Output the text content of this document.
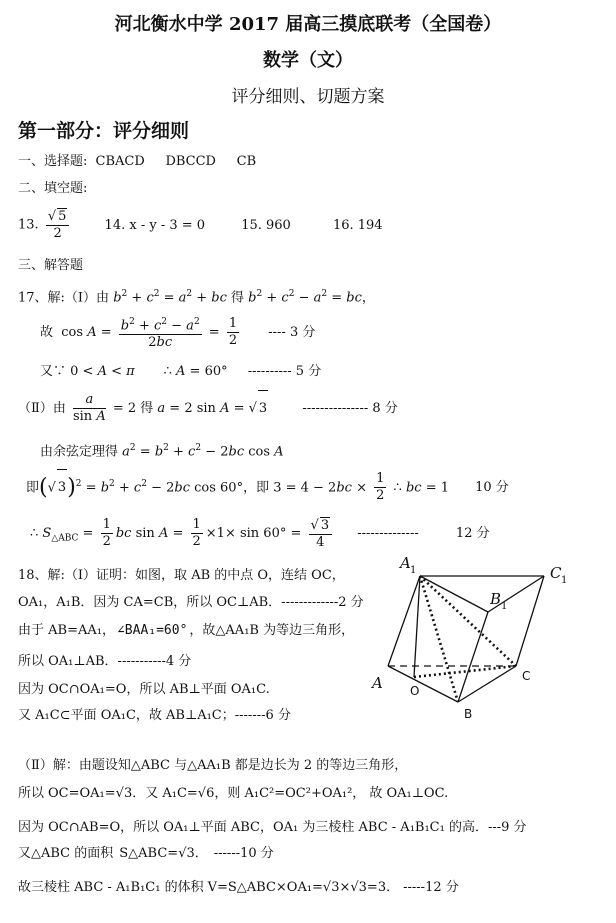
河北衡水中学 2017 届高三摸底联考（全国卷）
数学（文）
评分细则、切题方案
第一部分：评分细则
一、选择题: CBACD     DBCCD     CB
二、填空题:
13. $\frac{√ 5}{2}$	14. x - y - 3 = 0	15. 960	16. 194
三、解答题
17、解:（Ⅰ）由 $b^2 + c^2 = a^2$ + bc 得 $b^2 + c^2 - a^2$ = bc，
故  $\cos A = \frac{b^2 + c^2 - a^2}{2bc} = \frac{1}{2}$ ---- 3 分
又∵ 0 < A < π       ∴ A = 60° ---------- 5 分
（Ⅱ）由 $\frac{a}{\text{sin A}} = 2$ 得 a = 2 sin A = √ 3	--------------- 8 分
由余弦定理得 $a^2 = b^2 + c^2 - 2bc$ cos A
即(√ $3)^2 = b^2 + c^2 - 2bc$ cos 60°，即 $3 = 4 - 2bc \times \frac{1}{2}$ ∴ bc = 1 10 分
∴ $S_{\triangle ABC} = \frac{1}{2}$ bc $\sin A = \frac{1}{2} \times 1\times \sin 60^\circ = \frac{√ 3}{4}$ --------------         12 分
18、解:（Ⅰ）证明：如图，取 AB 的中点 O，连结 OC，
OA₁，A₁B．因为 CA=CB，所以 OC⊥AB．-------------2 分
由于 AB=AA₁， ∠BAA₁=60° ，故△AA₁B 为等边三角形，
所以 OA₁⊥AB．-----------4 分
因为 OC∩OA₁=O，所以 AB⊥平面 OA₁C.
又 A₁C⊂平面 OA₁C，故 AB⊥A₁C；-------6 分
A 1	C 1
B 1
A O
C
B
（Ⅱ）解：由题设知△ABC 与△AA₁B 都是边长为 2 的等边三角形，
所以 OC=OA₁=√3．又 A₁C=√6，则 A₁C²=OC²+OA₁²， 故 OA₁⊥OC.
因为 OC∩AB=O，所以 OA₁⊥平面 ABC，OA₁ 为三棱柱 ABC - A₁B₁C₁ 的高．---9 分
又△ABC 的面积 S△ABC=√3． ------10 分
故三棱柱 ABC - A₁B₁C₁ 的体积 V=S△ABC×OA₁=√3×√3=3． -----12 分
